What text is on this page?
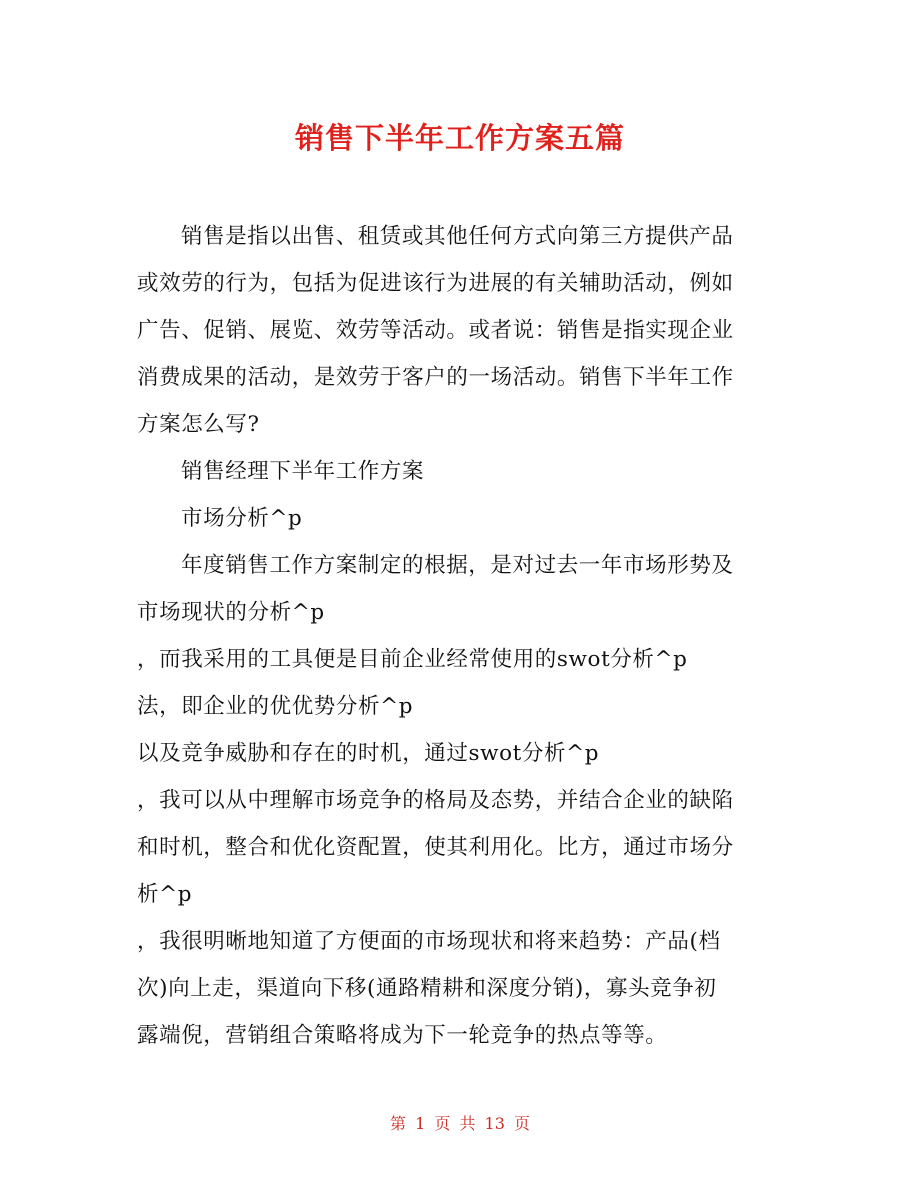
销售下半年工作方案五篇
销售是指以出售、租赁或其他任何方式向第三方提供产品
或效劳的行为，包括为促进该行为进展的有关辅助活动，例如
广告、促销、展览、效劳等活动。或者说：销售是指实现企业
消费成果的活动，是效劳于客户的一场活动。销售下半年工作
方案怎么写?
销售经理下半年工作方案
市场分析^p
年度销售工作方案制定的根据，是对过去一年市场形势及
市场现状的分析^p
，而我采用的工具便是目前企业经常使用的swot分析^p
法，即企业的优优势分析^p
以及竞争威胁和存在的时机，通过swot分析^p
，我可以从中理解市场竞争的格局及态势，并结合企业的缺陷
和时机，整合和优化资配置，使其利用化。比方，通过市场分
析^p
，我很明晰地知道了方便面的市场现状和将来趋势：产品(档
次)向上走，渠道向下移(通路精耕和深度分销)，寡头竞争初
露端倪，营销组合策略将成为下一轮竞争的热点等等。
第 1 页 共 13 页
